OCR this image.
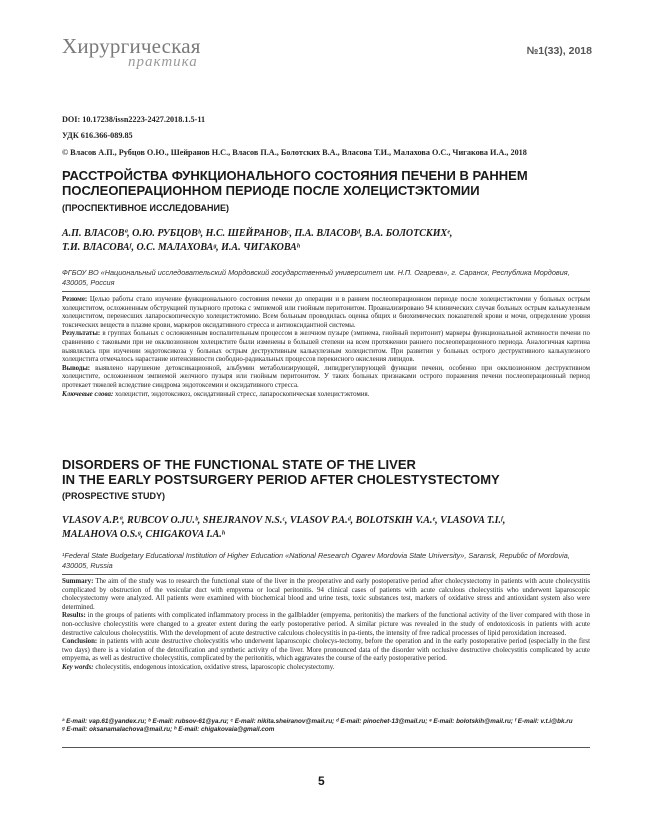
Хирургическая
практика
№1(33), 2018
DOI: 10.17238/issn2223-2427.2018.1.5-11
УДК 616.366-089.85
© Власов А.П., Рубцов О.Ю., Шейранов Н.С., Власов П.А., Болотских В.А., Власова Т.И., Малахова О.С., Чигакова И.А., 2018
РАССТРОЙСТВА ФУНКЦИОНАЛЬНОГО СОСТОЯНИЯ ПЕЧЕНИ В РАННЕМ
ПОСЛЕОПЕРАЦИОННОМ ПЕРИОДЕ ПОСЛЕ ХОЛЕЦИСТЭКТОМИИ
(ПРОСПЕКТИВНОЕ ИССЛЕДОВАНИЕ)
А.П. ВЛАСОВª, О.Ю. РУБЦОВᵇ, Н.С. ШЕЙРАНОВᶜ, П.А. ВЛАСОВᵈ, В.А. БОЛОТСКИХᵉ,
Т.И. ВЛАСОВАᶠ, О.С. МАЛАХОВАᵍ, И.А. ЧИГАКОВАʰ
ФГБОУ ВО «Национальный исследовательский Мордовский государственный университет им. Н.П. Огарева», г. Саранск, Республика Мордовия, 430005, Россия
Резюме: Целью работы стало изучение функционального состояния печени до операции и в раннем послеоперационном периоде после холецистэктомии у больных острым холециститом, осложненным обструкцией пузырного протока с эмпиемой или гнойным перитонитом. Проанализировано 94 клинических случая больных острым калькулезным холециститом, перенесших лапароскопическую холецистэктомию. Всем больным проводилась оценка общих и биохимических показателей крови и мочи, определение уровня токсических веществ в плазме крови, маркеров оксидативного стресса и антиоксидантной системы.
Результаты: в группах больных с осложненным воспалительным процессом в желчном пузыре (эмпиема, гнойный перитонит) маркеры функциональной активности печени по сравнению с таковыми при не окклюзионном холецистите были изменены в большей степени на всем протяжении раннего послеоперационного периода. Аналогичная картина выявлялась при изучении эндотоксикоза у больных острым деструктивным калькулезным холециститом. При развитии у больных острого деструктивного калькулезного холецистита отмечалось нарастание интенсивности свободно-радикальных процессов перекисного окисления липидов.
Выводы: выявлено нарушение детоксикационной, альбумин метаболизирующей, липидрегулирующей функции печени, особенно при окклюзионном деструктивном холецистите, осложненном эмпиемой желчного пузыря или гнойным перитонитом. У таких больных признаками острого поражения печени послеоперационный период протекает тяжелей вследствие синдрома эндотоксемии и оксидативного стресса.
Ключевые слова: холецистит, эндотоксикоз, оксидативный стресс, лапароскопическая холецистэктомия.
DISORDERS OF THE FUNCTIONAL STATE OF THE LIVER
IN THE EARLY POSTSURGERY PERIOD AFTER CHOLESTYSTECTOMY
(PROSPECTIVE STUDY)
VLASOV A.P.ª, RUBCOV O.JU.ᵇ, SHEJRANOV N.S.ᶜ, VLASOV P.A.ᵈ, BOLOTSKIH V.A.ᵉ, VLASOVA T.I.ᶠ,
MALAHOVA O.S.ᵍ, CHIGAKOVA I.A.ʰ
¹Federal State Budgetary Educational Institution of Higher Education «National Research Ogarev Mordovia State University», Saransk, Republic of Mordovia, 430005, Russia
Summary: The aim of the study was to research the functional state of the liver in the preoperative and early postoperative period after cholecystectomy in patients with acute cholecystitis complicated by obstruction of the vesicular duct with empyema or local peritonitis. 94 clinical cases of patients with acute calculous cholecystitis who underwent laparoscopic cholecystectomy were analyzed. All patients were examined with biochemical blood and urine tests, toxic substances test, markers of oxidative stress and antioxidant system also were determined.
Results: in the groups of patients with complicated inflammatory process in the gallbladder (empyema, peritonitis) the markers of the functional activity of the liver compared with those in non-occlusive cholecystitis were changed to a greater extent during the early postoperative period. A similar picture was revealed in the study of endotoxicosis in patients with acute destructive calculous cholecystitis. With the development of acute destructive calculous cholecystitis in pa-tients, the intensity of free radical processes of lipid peroxidation increased.
Conclusion: in patients with acute destructive cholecystitis who underwent laparoscopic cholecys-tectomy, before the operation and in the early postoperative period (especially in the first two days) there is a violation of the detoxification and synthetic activity of the liver. More pronounced data of the disorder with occlusive destructive cholecystitis complicated by acute empyema, as well as destructive cholecystitis, complicated by the peritonitis, which aggravates the course of the early postoperative period.
Key words: cholecystitis, endogenous intoxication, oxidative stress, laparoscopic cholecystectomy.
ª E-mail: vap.61@yandex.ru; ᵇ E-mail: rubsov-61@ya.ru; ᶜ E-mail: nikita.sheiranov@mail.ru; ᵈ E-mail: pinochet-13@mail.ru; ᵉ E-mail: bolotskih@mail.ru; ᶠ E-mail: v.t.i@bk.ru
ᵍ E-mail: oksanamalachova@mail.ru; ʰ E-mail: chigakovaia@gmail.com
5
